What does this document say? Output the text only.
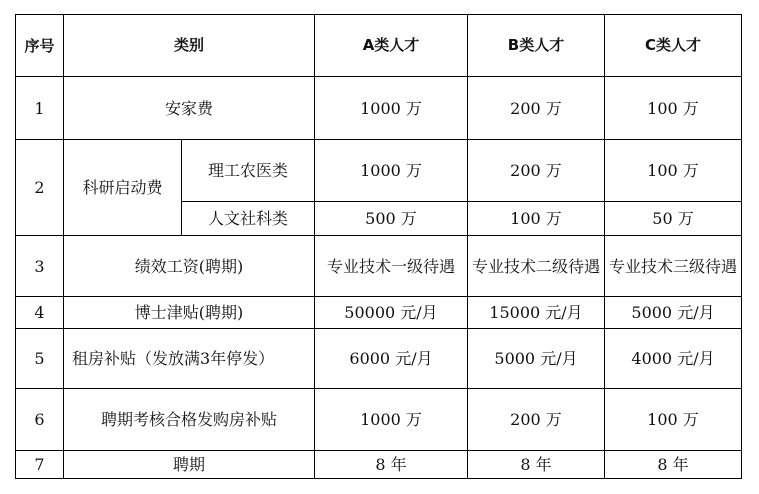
序号	类别		A类人才	B类人才	C类人才
1	安家费		1000 万	200 万	100 万
2	科研启动费	理工农医类	1000 万	200 万	100 万
		人文社科类	500 万	100 万	50 万
3	绩效工资(聘期)		专业技术一级待遇	专业技术二级待遇	专业技术三级待遇
4	博士津贴(聘期)		50000 元/月	15000 元/月	5000 元/月
5	租房补贴（发放满3年停发）		6000 元/月	5000 元/月	4000 元/月
6	聘期考核合格发购房补贴		1000 万	200 万	100 万
7	聘期		8 年	8 年	8 年
